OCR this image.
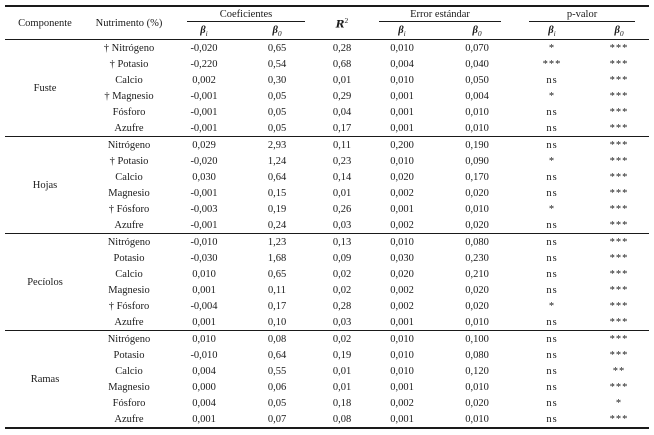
Componente	Nutrimento (%)	Coeficientes		$R^2$	Error estándar		p-valor	

		$\beta_i$	$\beta_0$		$\beta_i$	$\beta_0$	$\beta_i$	$\beta_0$
Fuste	† Nitrógeno	-0,020	0,65	0,28	0,010	0,070	*	***
	† Potasio	-0,220	0,54	0,68	0,004	0,040	***	***
	Calcio	0,002	0,30	0,01	0,010	0,050	ns	***
	† Magnesio	-0,001	0,05	0,29	0,001	0,004	*	***
	Fósforo	-0,001	0,05	0,04	0,001	0,010	ns	***
	Azufre	-0,001	0,05	0,17	0,001	0,010	ns	***
Hojas	Nitrógeno	0,029	2,93	0,11	0,200	0,190	ns	***
	† Potasio	-0,020	1,24	0,23	0,010	0,090	*	***
	Calcio	0,030	0,64	0,14	0,020	0,170	ns	***
	Magnesio	-0,001	0,15	0,01	0,002	0,020	ns	***
	† Fósforo	-0,003	0,19	0,26	0,001	0,010	*	***
	Azufre	-0,001	0,24	0,03	0,002	0,020	ns	***
Pecíolos	Nitrógeno	-0,010	1,23	0,13	0,010	0,080	ns	***
	Potasio	-0,030	1,68	0,09	0,030	0,230	ns	***
	Calcio	0,010	0,65	0,02	0,020	0,210	ns	***
	Magnesio	0,001	0,11	0,02	0,002	0,020	ns	***
	† Fósforo	-0,004	0,17	0,28	0,002	0,020	*	***
	Azufre	0,001	0,10	0,03	0,001	0,010	ns	***
Ramas	Nitrógeno	0,010	0,08	0,02	0,010	0,100	ns	***
	Potasio	-0,010	0,64	0,19	0,010	0,080	ns	***
	Calcio	0,004	0,55	0,01	0,010	0,120	ns	**
	Magnesio	0,000	0,06	0,01	0,001	0,010	ns	***
	Fósforo	0,004	0,05	0,18	0,002	0,020	ns	*
	Azufre	0,001	0,07	0,08	0,001	0,010	ns	***
